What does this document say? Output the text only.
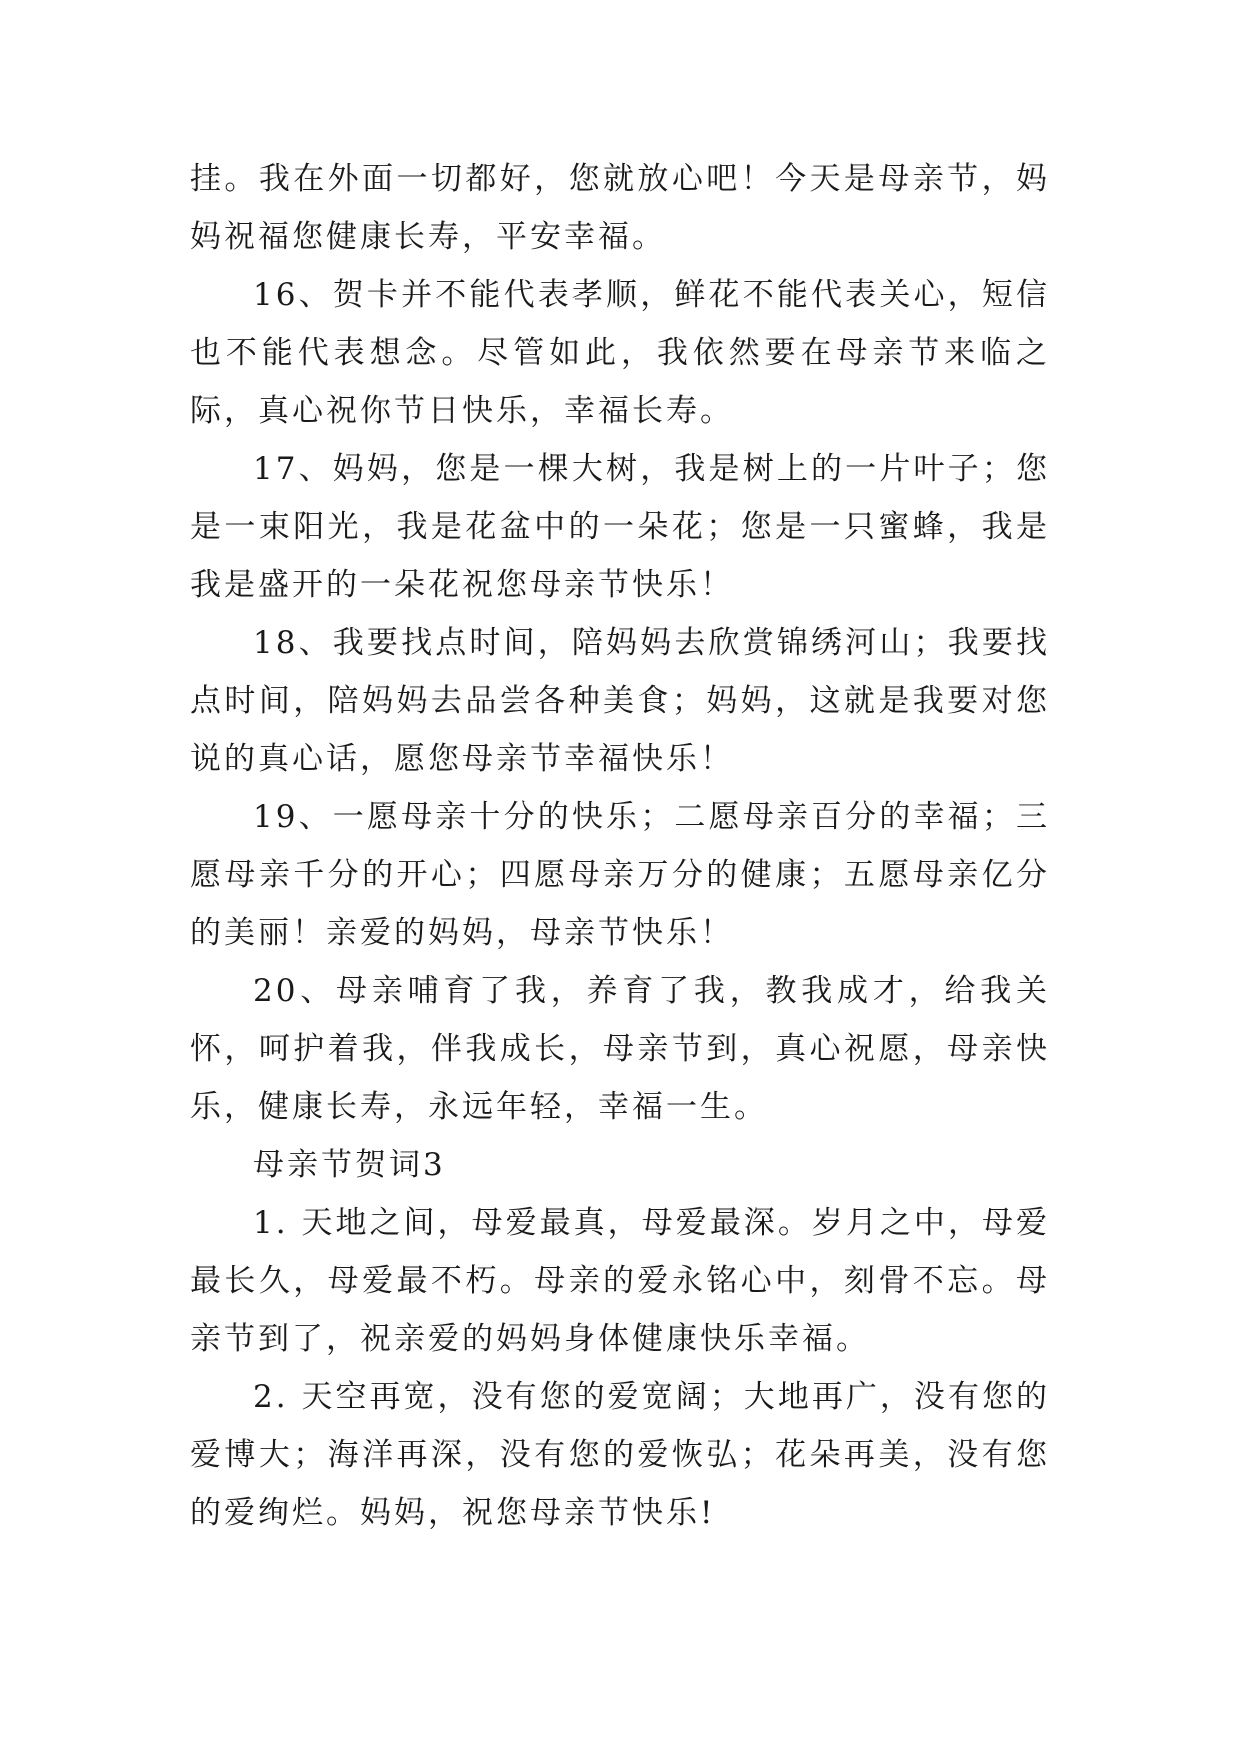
挂。我在外面一切都好，您就放心吧！今天是母亲节，妈妈祝福您健康长寿，平安幸福。

16、贺卡并不能代表孝顺，鲜花不能代表关心，短信也不能代表想念。尽管如此，我依然要在母亲节来临之际，真心祝你节日快乐，幸福长寿。

17、妈妈，您是一棵大树，我是树上的一片叶子；您是一束阳光，我是花盆中的一朵花；您是一只蜜蜂，我是我是盛开的一朵花祝您母亲节快乐！

18、我要找点时间，陪妈妈去欣赏锦绣河山；我要找点时间，陪妈妈去品尝各种美食；妈妈，这就是我要对您说的真心话，愿您母亲节幸福快乐！

19、一愿母亲十分的快乐；二愿母亲百分的幸福；三愿母亲千分的开心；四愿母亲万分的健康；五愿母亲亿分的美丽！亲爱的妈妈，母亲节快乐！

20、母亲哺育了我，养育了我，教我成才，给我关怀，呵护着我，伴我成长，母亲节到，真心祝愿，母亲快乐，健康长寿，永远年轻，幸福一生。

母亲节贺词3

1. 天地之间，母爱最真，母爱最深。岁月之中，母爱最长久，母爱最不朽。母亲的爱永铭心中，刻骨不忘。母亲节到了，祝亲爱的妈妈身体健康快乐幸福。

2. 天空再宽，没有您的爱宽阔；大地再广，没有您的爱博大；海洋再深，没有您的爱恢弘；花朵再美，没有您的爱绚烂。妈妈，祝您母亲节快乐!
